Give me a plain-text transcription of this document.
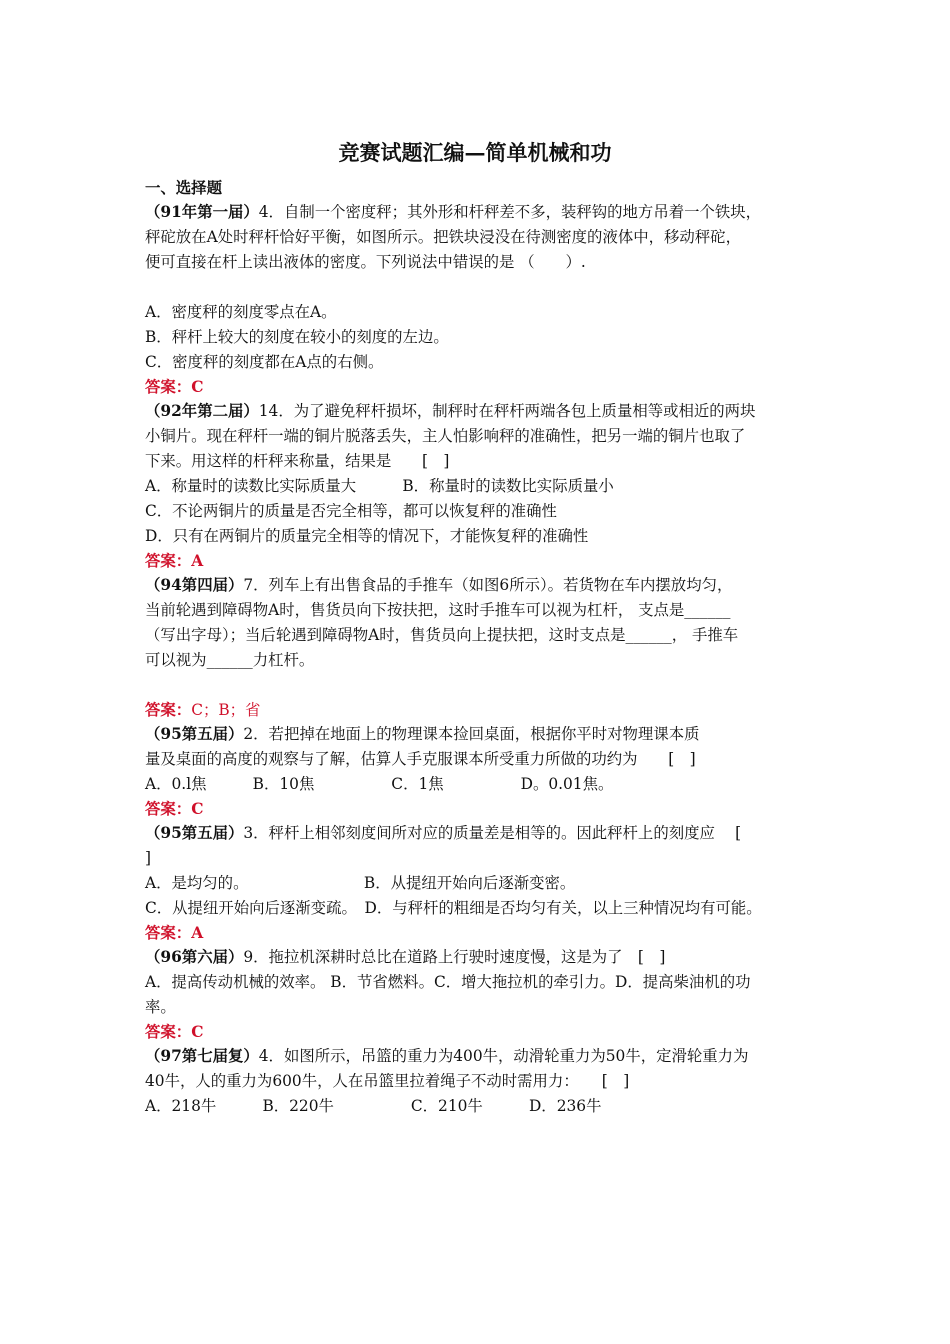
竞赛试题汇编—简单机械和功
一、选择题
（91年第一届）4．自制一个密度秤；其外形和杆秤差不多，装秤钩的地方吊着一个铁块，
秤砣放在A处时秤杆恰好平衡，如图所示。把铁块浸没在待测密度的液体中，移动秤砣，
便可直接在杆上读出液体的密度。下列说法中错误的是 （　　）.
A．密度秤的刻度零点在A。
B．秤杆上较大的刻度在较小的刻度的左边。
C．密度秤的刻度都在A点的右侧。
答案：C
（92年第二届）14．为了避免秤杆损坏，制秤时在秤杆两端各包上质量相等或相近的两块
小铜片。现在秤杆一端的铜片脱落丢失，主人怕影响秤的准确性，把另一端的铜片也取了
下来。用这样的杆秤来称量，结果是　　[　]
A．称量时的读数比实际质量大　　　B．称量时的读数比实际质量小
C．不论两铜片的质量是否完全相等，都可以恢复秤的准确性
D．只有在两铜片的质量完全相等的情况下，才能恢复秤的准确性
答案：A
（94第四届）7．列车上有出售食品的手推车（如图6所示）。若货物在车内摆放均匀，
当前轮遇到障碍物A时，售货员向下按扶把，这时手推车可以视为杠杆， 支点是______
（写出字母）；当后轮遇到障碍物A时，售货员向上提扶把，这时支点是______， 手推车
可以视为______力杠杆。
答案：C；B；省
（95第五届）2．若把掉在地面上的物理课本捡回桌面，根据你平时对物理课本质
量及桌面的高度的观察与了解，估算人手克服课本所受重力所做的功约为　　[　]
A．0.l焦　　　B．10焦　　　　　C．1焦　　　　　D。0.01焦。
答案：C
（95第五届）3．秤杆上相邻刻度间所对应的质量差是相等的。因此秤杆上的刻度应　 [
]
A．是均匀的。　　　　　　　　B．从提纽开始向后逐渐变密。
C．从提纽开始向后逐渐变疏。　D．与秤杆的粗细是否均匀有关，以上三种情况均有可能。
答案：A
（96第六届）9．拖拉机深耕时总比在道路上行驶时速度慢，这是为了　[　]
A．提高传动机械的效率。 B．节省燃料。C．增大拖拉机的牵引力。D．提高柴油机的功
率。
答案：C
（97第七届复）4．如图所示，吊篮的重力为400牛，动滑轮重力为50牛，定滑轮重力为
40牛，人的重力为600牛，人在吊篮里拉着绳子不动时需用力：　　[　]
A．218牛　　　B．220牛　　　　　C．210牛　　　D．236牛
